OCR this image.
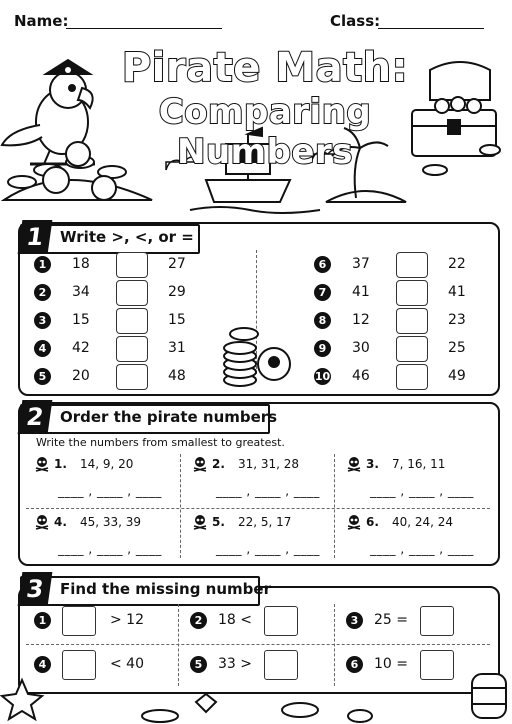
Name:	Class:
Pirate Math:
Comparing Numbers
1 Write >, <, or =
1	18	27
2	34	29
3	15	15
4	42	31
5	20	48
6	37	22
7	41	41
8	12	23
9	30	25
10 46	49
2 Order the pirate numbers
Write the numbers from smallest to greatest.
1. 14, 9, 20
____ , ____ , ____
2. 31, 31, 28
____ , ____ , ____
3. 7, 16, 11
____ , ____ , ____
4. 45, 33, 39
____ , ____ , ____
5. 22, 5, 17
____ , ____ , ____
6. 40, 24, 24
____ , ____ , ____
3 Find the missing number
1	> 12	2	18 <	3	25 =
4	< 40	5	33 >	6	10 =
